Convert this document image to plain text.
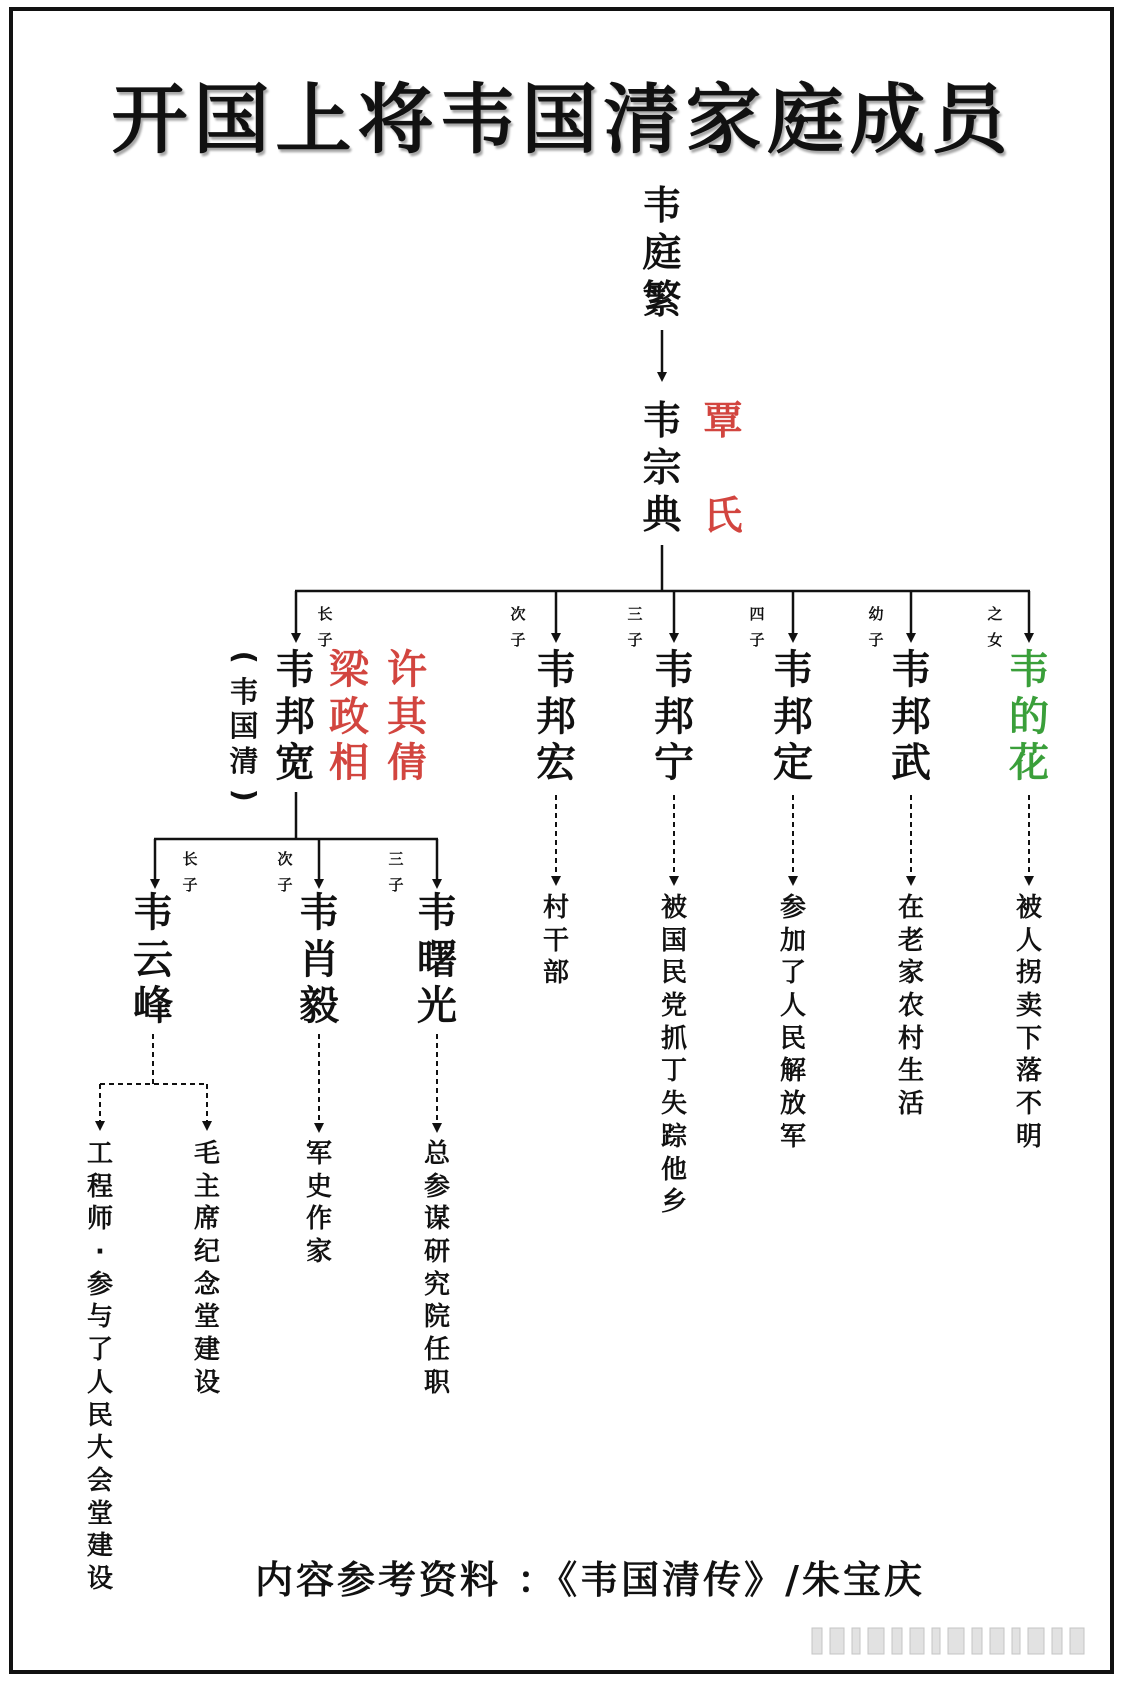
开国上将韦国清家庭成员
韦
庭
繁
韦
宗
典
覃
氏
长
子
次
子
三
子
四
子
幼
子
之
女
(
韦
国
清
)
韦
邦
宽
梁
政
相
许
其
倩
韦
邦
宏
韦
邦
宁
韦
邦
定
韦
邦
武
韦
的
花
村
干
部
被
国
民
党
抓
丁
失
踪
他
乡
参
加
了
人
民
解
放
军
在
老
家
农
村
生
活
被
人
拐
卖
下
落
不
明
长
子
次
子
三
子
韦
云
峰
韦
肖
毅
韦
曙
光
工
程
师
·
参
与
了
人
民
大
会
堂
建
设
毛
主
席
纪
念
堂
建
设
军
史
作
家
总
参
谋
研
究
院
任
职
内容参考资料 ：《韦国清传》/朱宝庆
